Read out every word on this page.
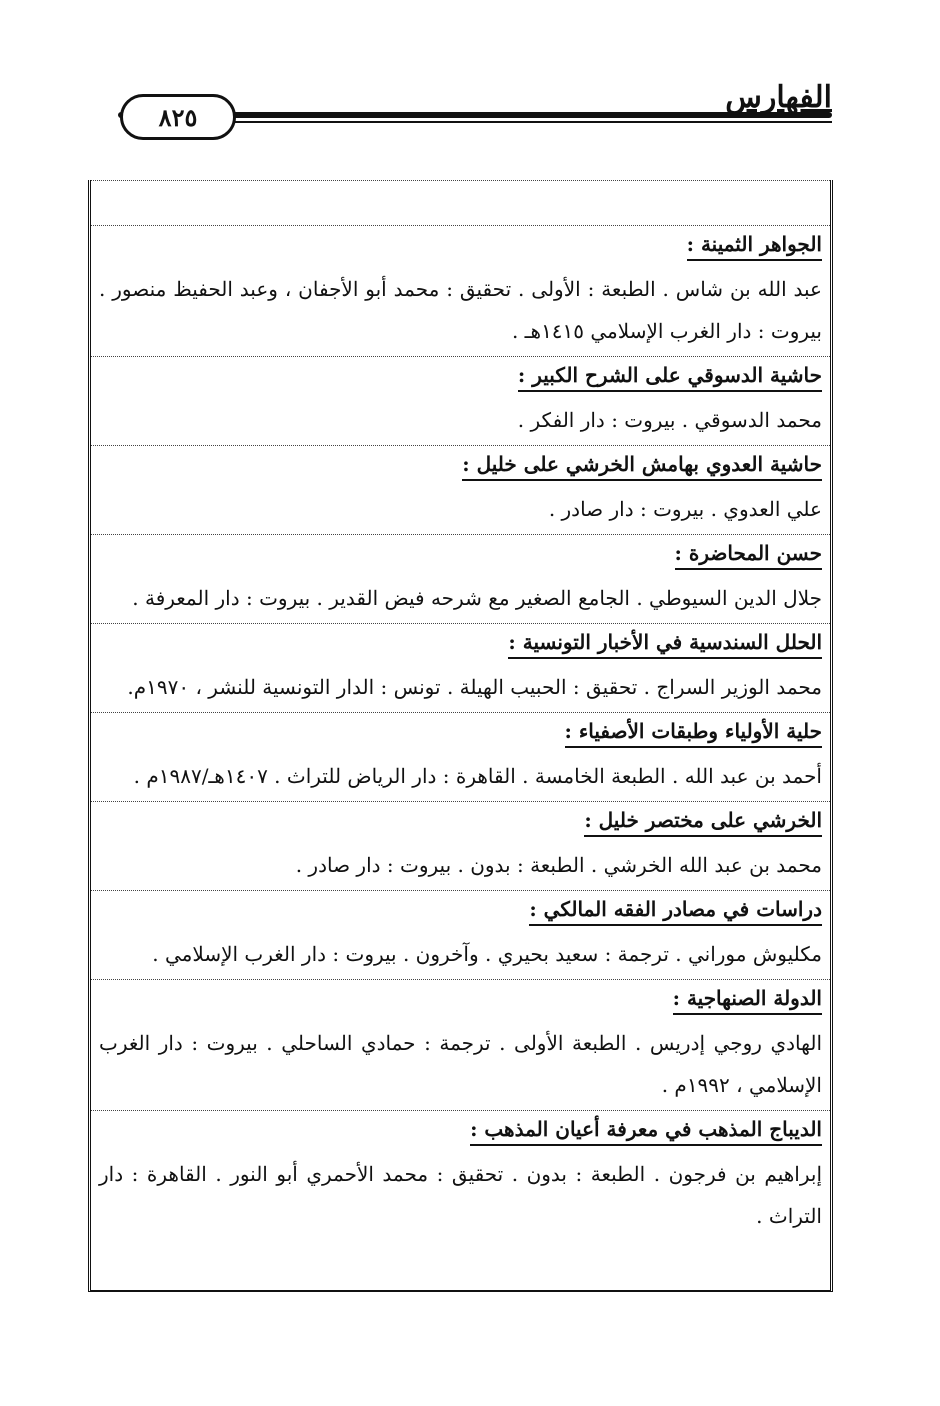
٨٢٥
الفهارس
الجواهر الثمينة :
عبد الله بن شاس . الطبعة : الأولى . تحقيق : محمد أبو الأجفان ، وعبد الحفيظ منصور . بيروت : دار الغرب الإسلامي ١٤١٥هـ .
حاشية الدسوقي على الشرح الكبير :
محمد الدسوقي . بيروت : دار الفكر .
حاشية العدوي بهامش الخرشي على خليل :
علي العدوي . بيروت : دار صادر .
حسن المحاضرة :
جلال الدين السيوطي . الجامع الصغير مع شرحه فيض القدير . بيروت : دار المعرفة .
الحلل السندسية في الأخبار التونسية :
محمد الوزير السراج . تحقيق : الحبيب الهيلة . تونس : الدار التونسية للنشر ، ١٩٧٠م.
حلية الأولياء وطبقات الأصفياء :
أحمد بن عبد الله . الطبعة الخامسة . القاهرة : دار الرياض للتراث . ١٤٠٧هـ/١٩٨٧م .
الخرشي على مختصر خليل :
محمد بن عبد الله الخرشي . الطبعة : بدون . بيروت : دار صادر .
دراسات في مصادر الفقه المالكي :
مكليوش موراني . ترجمة : سعيد بحيري . وآخرون . بيروت : دار الغرب الإسلامي .
الدولة الصنهاجية :
الهادي روجي إدريس . الطبعة الأولى . ترجمة : حمادي الساحلي . بيروت : دار الغرب الإسلامي ، ١٩٩٢م .
الديباج المذهب في معرفة أعيان المذهب :
إبراهيم بن فرجون . الطبعة : بدون . تحقيق : محمد الأحمري أبو النور . القاهرة : دار التراث .
